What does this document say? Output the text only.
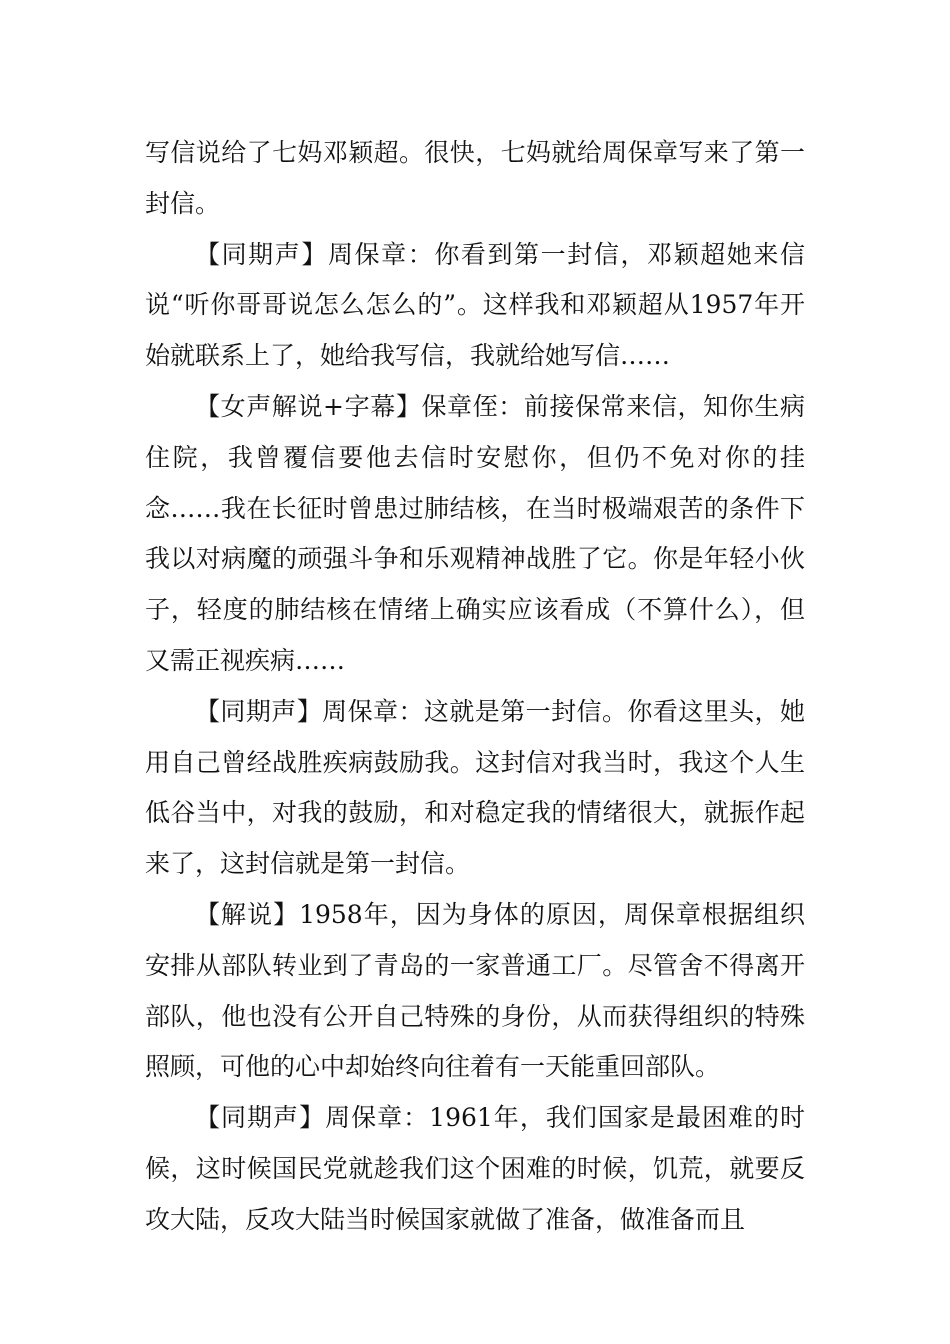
写信说给了七妈邓颖超。很快，七妈就给周保章写来了第一封信。

【同期声】周保章：你看到第一封信，邓颖超她来信说“听你哥哥说怎么怎么的”。这样我和邓颖超从1957年开始就联系上了，她给我写信，我就给她写信……

【女声解说+字幕】保章侄：前接保常来信，知你生病住院，我曾覆信要他去信时安慰你，但仍不免对你的挂念……我在长征时曾患过肺结核，在当时极端艰苦的条件下我以对病魔的顽强斗争和乐观精神战胜了它。你是年轻小伙子，轻度的肺结核在情绪上确实应该看成（不算什么），但又需正视疾病……

【同期声】周保章：这就是第一封信。你看这里头，她用自己曾经战胜疾病鼓励我。这封信对我当时，我这个人生低谷当中，对我的鼓励，和对稳定我的情绪很大，就振作起来了，这封信就是第一封信。

【解说】1958年，因为身体的原因，周保章根据组织安排从部队转业到了青岛的一家普通工厂。尽管舍不得离开部队，他也没有公开自己特殊的身份，从而获得组织的特殊照顾，可他的心中却始终向往着有一天能重回部队。

【同期声】周保章：1961年，我们国家是最困难的时候，这时候国民党就趁我们这个困难的时候，饥荒，就要反攻大陆，反攻大陆当时候国家就做了准备，做准备而且
